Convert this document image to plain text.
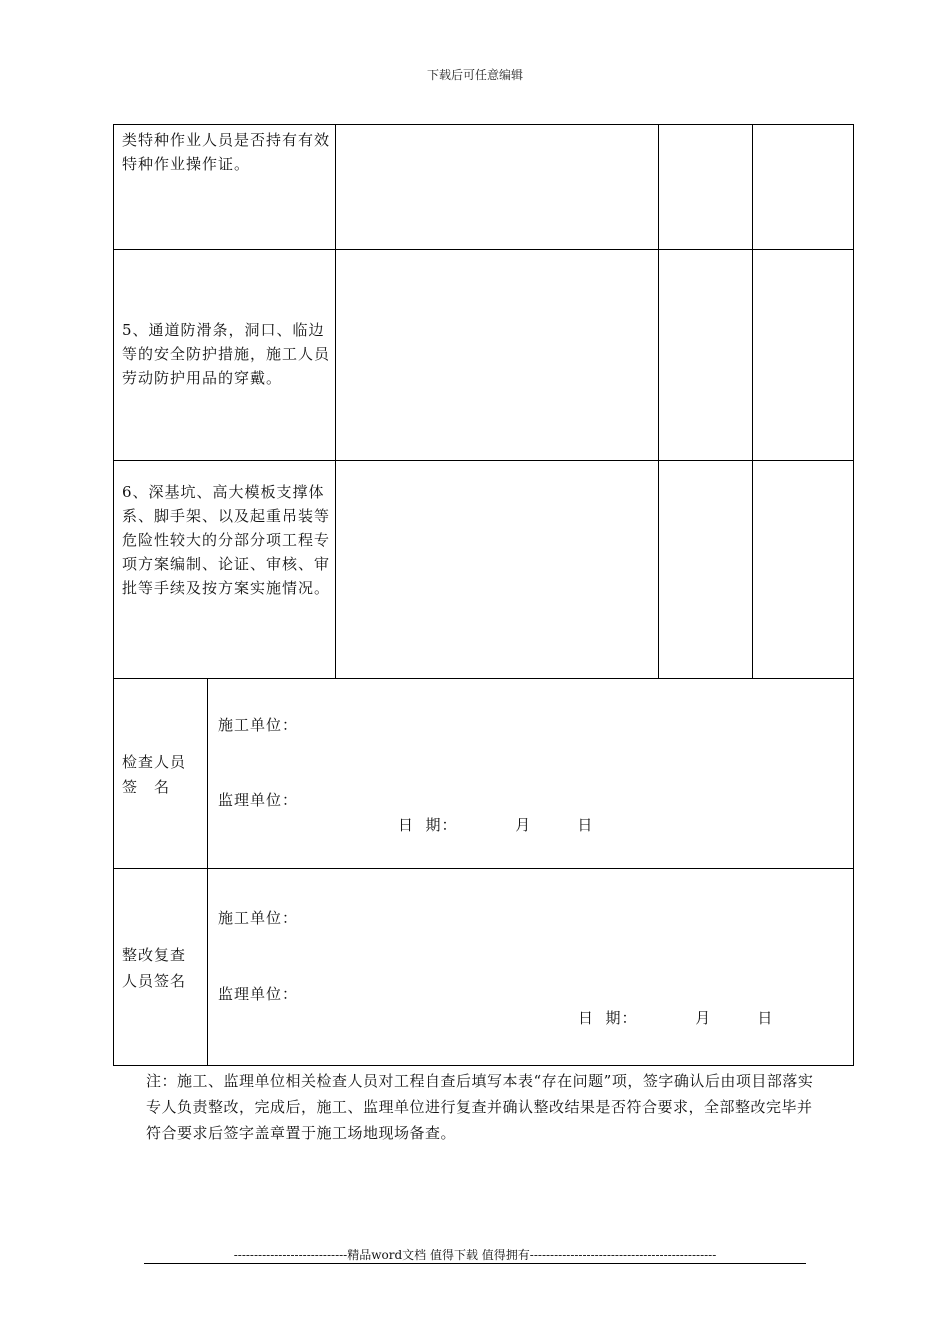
下载后可任意编辑
类特种作业人员是否持有有效特种作业操作证。
5、通道防滑条，洞口、临边等的安全防护措施，施工人员劳动防护用品的穿戴。
6、深基坑、高大模板支撑体系、脚手架、以及起重吊装等危险性较大的分部分项工程专项方案编制、论证、审核、审批等手续及按方案实施情况。
检查人员
签　名
施工单位：
监理单位：
日  期：          月        日
整改复查
人员签名
施工单位：
监理单位：
日  期：          月        日
注：施工、监理单位相关检查人员对工程自查后填写本表“存在问题”项，签字确认后由项目部落实专人负责整改，完成后，施工、监理单位进行复查并确认整改结果是否符合要求，全部整改完毕并符合要求后签字盖章置于施工场地现场备查。
----------------------------精品word文档 值得下载 值得拥有----------------------------------------------
